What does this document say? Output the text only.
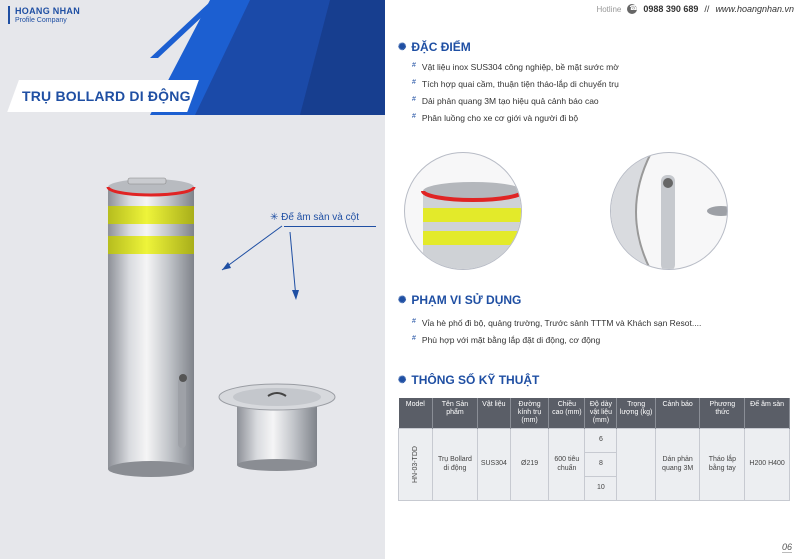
HOANG NHAN
Profile Company
TRỤ BOLLARD DI ĐỘNG
✳ Đế âm sàn và cột
Hotline ☎ 0988 390 689 // www.hoangnhan.vn
✺ ĐẶC ĐIỂM
# Vật liệu inox SUS304 công nghiệp, bề mặt sước mờ
# Tích hợp quai cầm, thuận tiện tháo-lắp di chuyển trụ
# Dải phản quang 3M tạo hiệu quả cảnh báo cao
# Phân luồng cho xe cơ giới và người đi bộ
✺ PHẠM VI SỬ DỤNG
# Vỉa hè phố đi bộ, quảng trường, Trước sảnh TTTM và Khách sạn Resot....
# Phù hợp với mặt bằng lắp đặt di động, cơ động
✺ THÔNG SỐ KỸ THUẬT
Model	Tên Sản phẩm	Vật liệu	Đường kính trụ (mm)	Chiều cao (mm)	Độ dày vật liệu (mm)	Trọng lượng (kg)	Cảnh báo	Phương thức	Đế âm sàn
HN-03-TDD	Trụ Bollard di động	SUS304	Ø219	600 tiêu chuẩn	6		Dán phản quang 3M	Tháo lắp bằng tay	H200 H400
					8				
					10				
06
